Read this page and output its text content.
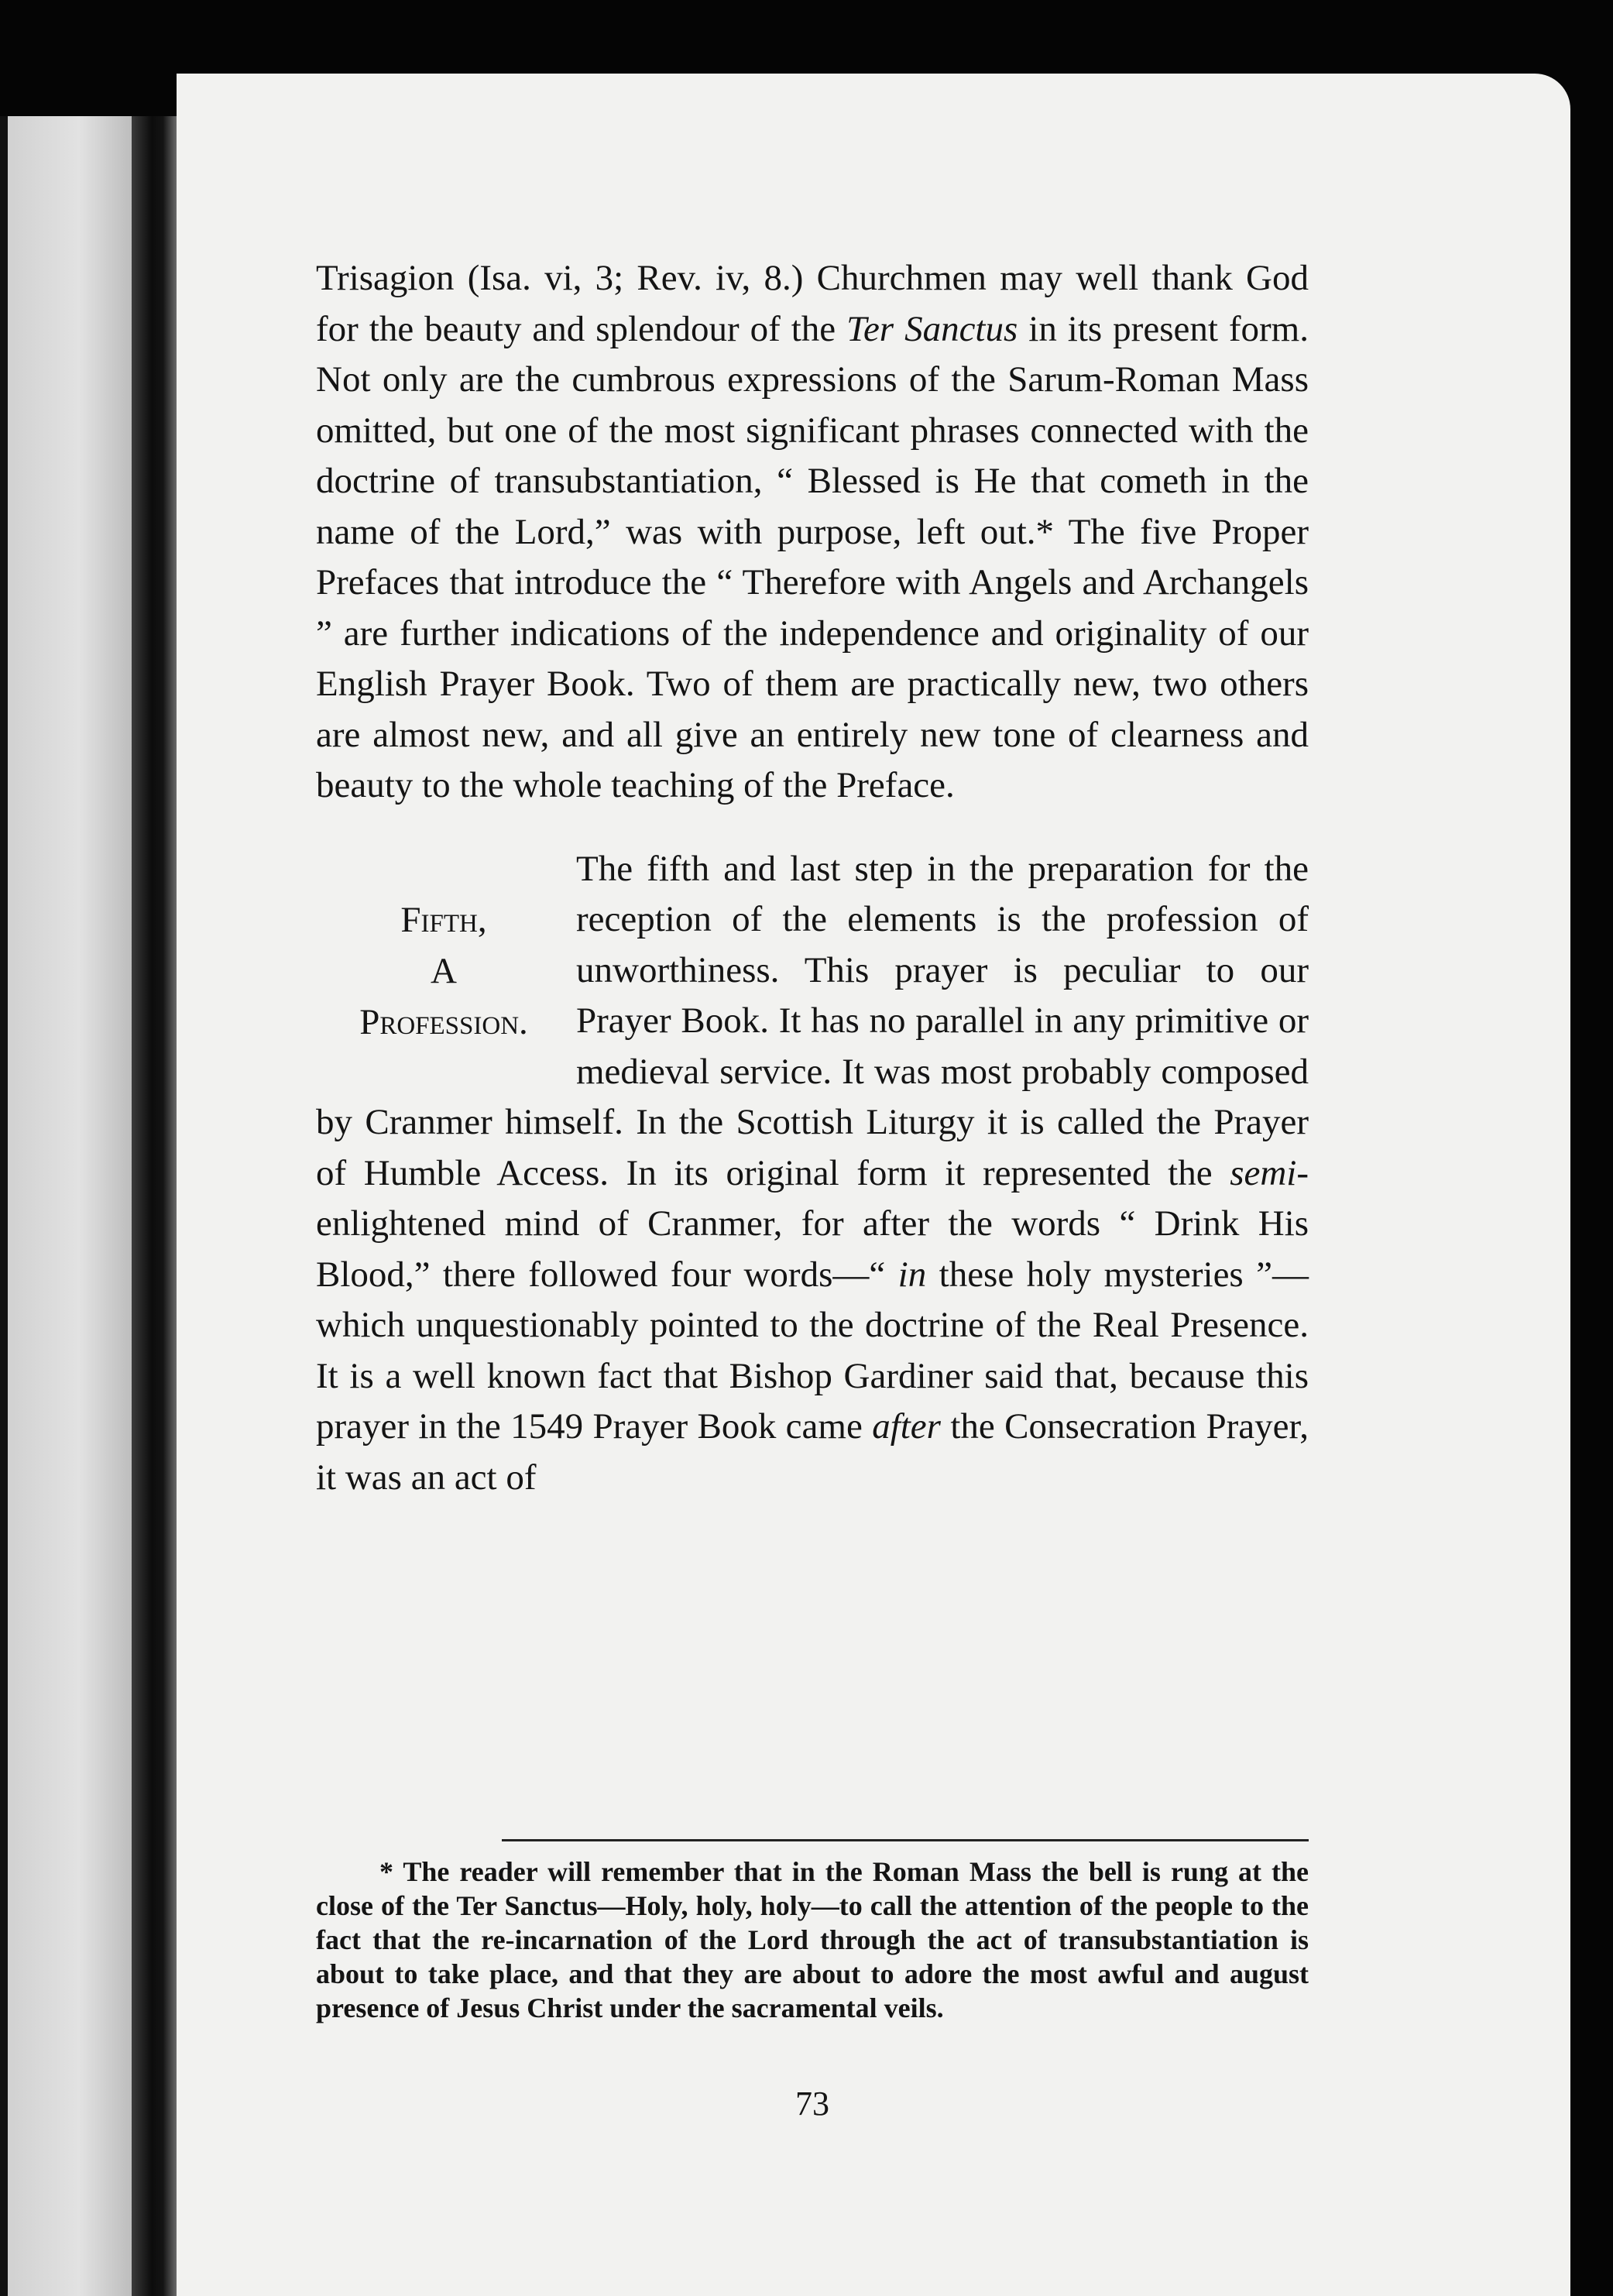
Trisagion (Isa. vi, 3; Rev. iv, 8.) Churchmen may well thank God for the beauty and splendour of the Ter Sanctus in its present form. Not only are the cumbrous expressions of the Sarum-Roman Mass omitted, but one of the most significant phrases connected with the doctrine of transubstantiation, “ Blessed is He that cometh in the name of the Lord,” was with purpose, left out.* The five Proper Prefaces that introduce the “ Therefore with Angels and Archangels ” are further indications of the independence and originality of our English Prayer Book. Two of them are practically new, two others are almost new, and all give an entirely new tone of clearness and beauty to the whole teaching of the Preface.

Fifth,
A
Profession.
The fifth and last step in the preparation for the reception of the elements is the profession of unworthiness. This prayer is peculiar to our Prayer Book. It has no parallel in any primitive or medieval service. It was most probably composed by Cranmer himself. In the Scottish Liturgy it is called the Prayer of Humble Access. In its original form it represented the semi-enlightened mind of Cranmer, for after the words “ Drink His Blood,” there followed four words—“ in these holy mysteries ”—which unquestionably pointed to the doctrine of the Real Presence. It is a well known fact that Bishop Gardiner said that, because this prayer in the 1549 Prayer Book came after the Consecration Prayer, it was an act of

* The reader will remember that in the Roman Mass the bell is rung at the close of the Ter Sanctus—Holy, holy, holy—to call the attention of the people to the fact that the re-incarnation of the Lord through the act of transubstantiation is about to take place, and that they are about to adore the most awful and august presence of Jesus Christ under the sacramental veils.

73
